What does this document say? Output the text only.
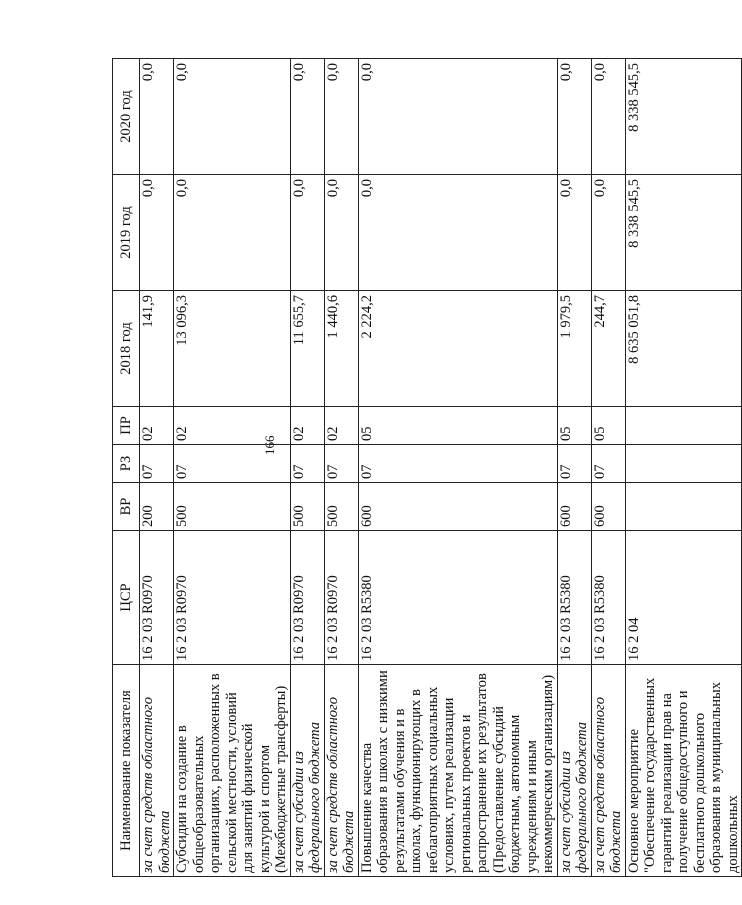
166
Наименование показателя	ЦСР	ВР	РЗ	ПР	2018 год	2019 год	2020 год
за счет средств областного бюджета	16 2 03 R0970	200	07	02	141,9	0,0	0,0
Субсидии на создание в общеобразовательных организациях, расположенных в сельской местности, условий для занятий физической культурой и спортом (Межбюджетные трансферты)	16 2 03 R0970	500	07	02	13 096,3	0,0	0,0
за счет субсидии из федерального бюджета	16 2 03 R0970	500	07	02	11 655,7	0,0	0,0
за счет средств областного бюджета	16 2 03 R0970	500	07	02	1 440,6	0,0	0,0
Повышение качества образования в школах с низкими результатами обучения и в школах, функционирующих в неблагоприятных социальных условиях, путем реализации региональных проектов и распространение их результатов (Предоставление субсидий бюджетным, автономным учреждениям и иным некоммерческим организациям)	16 2 03 R5380	600	07	05	2 224,2	0,0	0,0
за счет субсидии из федерального бюджета	16 2 03 R5380	600	07	05	1 979,5	0,0	0,0
за счет средств областного бюджета	16 2 03 R5380	600	07	05	244,7	0,0	0,0
Основное мероприятие "Обеспечение государственных гарантий реализации прав на получение общедоступного и бесплатного дошкольного образования в муниципальных дошкольных	16 2 04				8 635 051,8	8 338 545,5	8 338 545,5
